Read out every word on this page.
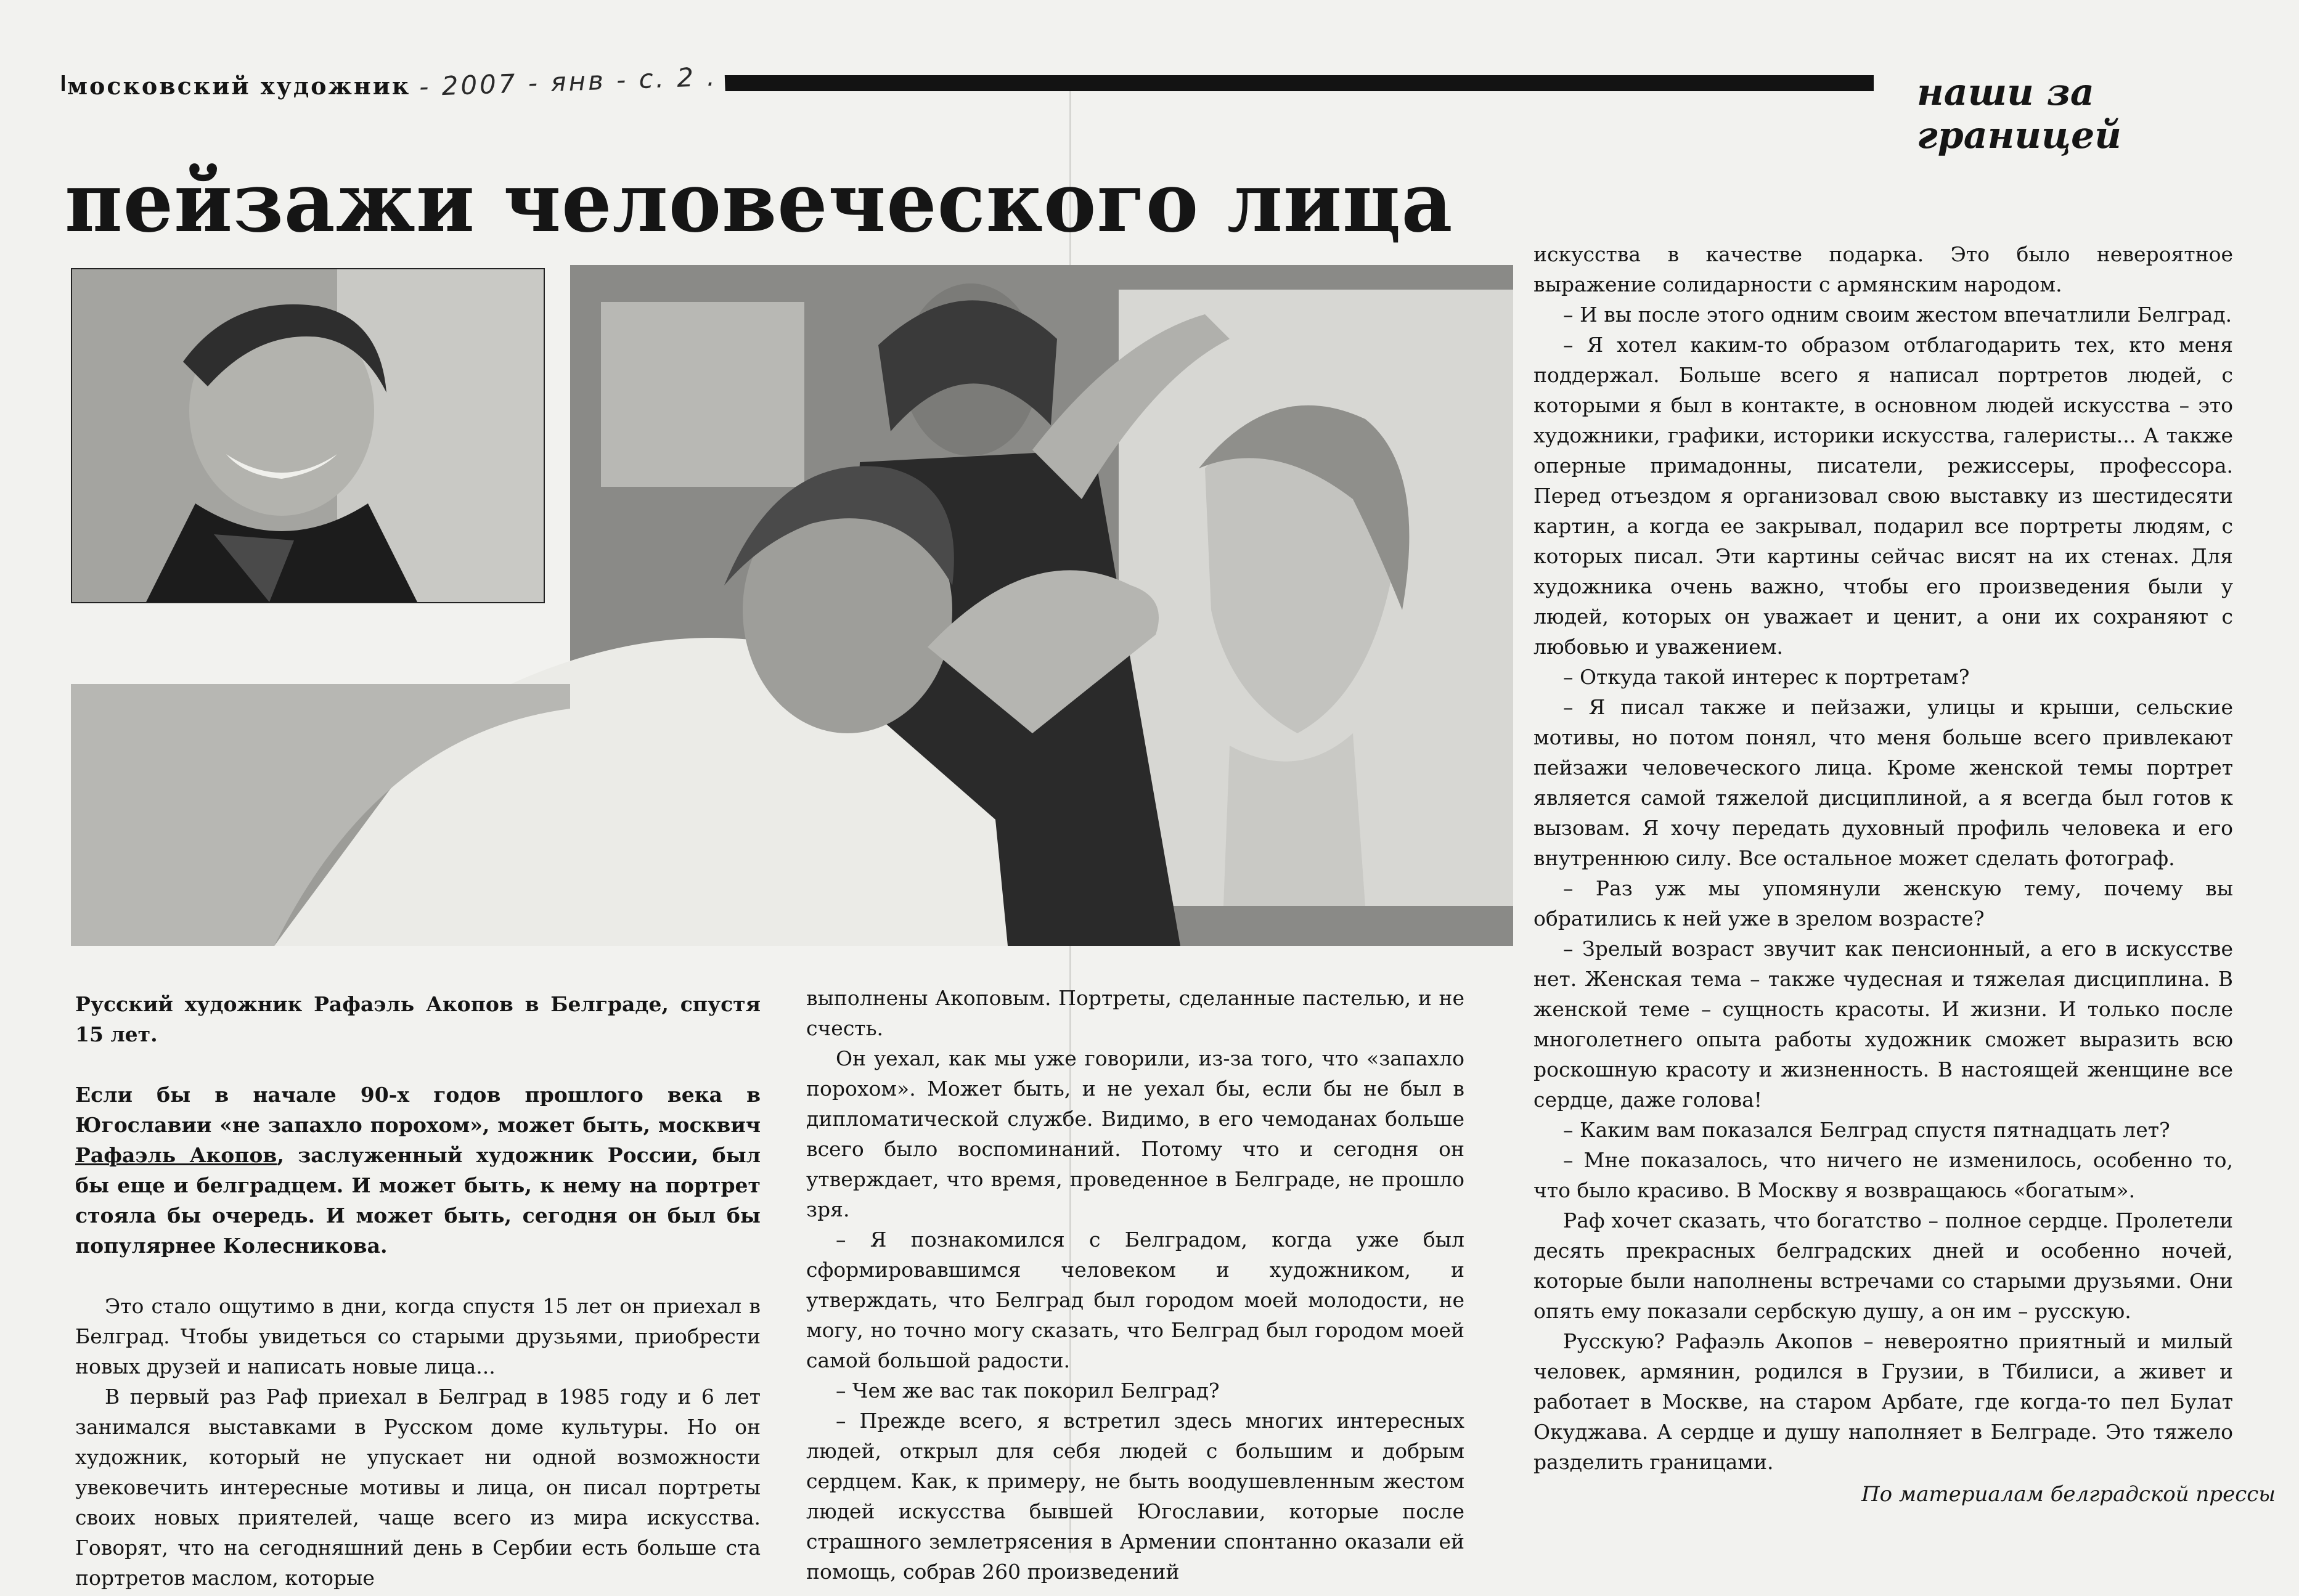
московский художник - 2007 - янв - с. 2 .	наши за границей
пейзажи человеческого лица

Русский художник Рафаэль Акопов в Белграде, спустя 15 лет.

Если бы в начале 90-х годов прошлого века в Югославии «не запахло порохом», может быть, москвич Рафаэль Акопов, заслуженный художник России, был бы еще и белградцем. И может быть, к нему на портрет стояла бы очередь. И может быть, сегодня он был бы популярнее Колесникова.

Это стало ощутимо в дни, когда спустя 15 лет он приехал в Белград. Чтобы увидеться со старыми друзьями, приобрести новых друзей и написать новые лица...

В первый раз Раф приехал в Белград в 1985 году и 6 лет занимался выставками в Русском доме культуры. Но он художник, который не упускает ни одной возможности увековечить интересные мотивы и лица, он писал портреты своих новых приятелей, чаще всего из мира искусства. Говорят, что на сегодняшний день в Сербии есть больше ста портретов маслом, которые

выполнены Акоповым. Портреты, сделанные пастелью, и не счесть.

Он уехал, как мы уже говорили, из-за того, что «запахло порохом». Может быть, и не уехал бы, если бы не был в дипломатической службе. Видимо, в его чемоданах больше всего было воспоминаний. Потому что и сегодня он утверждает, что время, проведенное в Белграде, не прошло зря.

– Я познакомился с Белградом, когда уже был сформировавшимся человеком и художником, и утверждать, что Белград был городом моей молодости, не могу, но точно могу сказать, что Белград был городом моей самой большой радости.

– Чем же вас так покорил Белград?

– Прежде всего, я встретил здесь многих интересных людей, открыл для себя людей с большим и добрым сердцем. Как, к примеру, не быть воодушевленным жестом людей искусства бывшей Югославии, которые после страшного землетрясения в Армении спонтанно оказали ей помощь, собрав 260 произведений

искусства в качестве подарка. Это было невероятное выражение солидарности с армянским народом.

– И вы после этого одним своим жестом впечатлили Белград.

– Я хотел каким-то образом отблагодарить тех, кто меня поддержал. Больше всего я написал портретов людей, с которыми я был в контакте, в основном людей искусства – это художники, графики, историки искусства, галеристы... А также оперные примадонны, писатели, режиссеры, профессора. Перед отъездом я организовал свою выставку из шестидесяти картин, а когда ее закрывал, подарил все портреты людям, с которых писал. Эти картины сейчас висят на их стенах. Для художника очень важно, чтобы его произведения были у людей, которых он уважает и ценит, а они их сохраняют с любовью и уважением.

– Откуда такой интерес к портретам?

– Я писал также и пейзажи, улицы и крыши, сельские мотивы, но потом понял, что меня больше всего привлекают пейзажи человеческого лица. Кроме женской темы портрет является самой тяжелой дисциплиной, а я всегда был готов к вызовам. Я хочу передать духовный профиль человека и его внутреннюю силу. Все остальное может сделать фотограф.

– Раз уж мы упомянули женскую тему, почему вы обратились к ней уже в зрелом возрасте?

– Зрелый возраст звучит как пенсионный, а его в искусстве нет. Женская тема – также чудесная и тяжелая дисциплина. В женской теме – сущность красоты. И жизни. И только после многолетнего опыта работы художник сможет выразить всю роскошную красоту и жизненность. В настоящей женщине все сердце, даже голова!

– Каким вам показался Белград спустя пятнадцать лет?

– Мне показалось, что ничего не изменилось, особенно то, что было красиво. В Москву я возвращаюсь «богатым».

Раф хочет сказать, что богатство – полное сердце. Пролетели десять прекрасных белградских дней и особенно ночей, которые были наполнены встречами со старыми друзьями. Они опять ему показали сербскую душу, а он им – русскую.

Русскую? Рафаэль Акопов – невероятно приятный и милый человек, армянин, родился в Грузии, в Тбилиси, а живет и работает в Москве, на старом Арбате, где когда-то пел Булат Окуджава. А сердце и душу наполняет в Белграде. Это тяжело разделить границами.

По материалам белградской прессы
